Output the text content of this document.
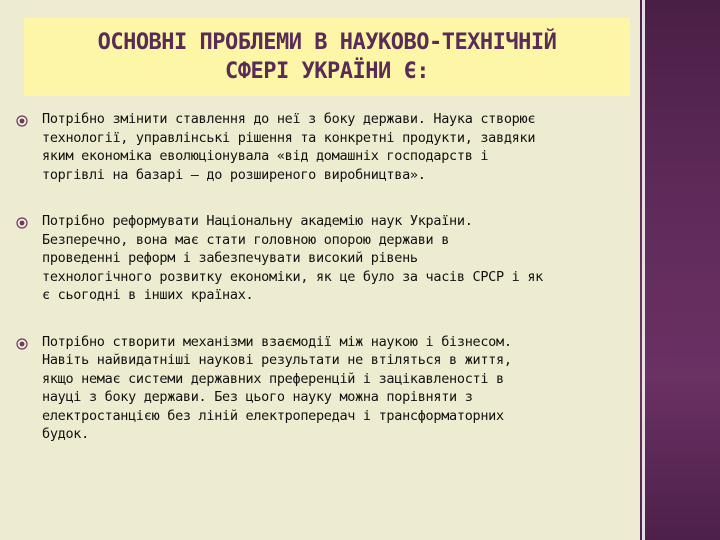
ОСНОВНІ ПРОБЛЕМИ В НАУКОВО-ТЕХНІЧНІЙ
СФЕРІ УКРАЇНИ Є:
Потрібно змінити ставлення до неї з боку держави. Наука створює
технології, управлінські рішення та конкретні продукти, завдяки
яким економіка еволюціонувала «від домашніх господарств і
торгівлі на базарі — до розширеного виробництва».
Потрібно реформувати Національну академію наук України.
Безперечно, вона має стати головною опорою держави в
проведенні реформ і забезпечувати високий рівень
технологічного розвитку економіки, як це було за часів СРСР і як
є сьогодні в інших країнах.
Потрібно створити механізми взаємодії між наукою і бізнесом.
Навіть найвидатніші наукові результати не втіляться в життя,
якщо немає системи державних преференцій і зацікавленості в
науці з боку держави. Без цього науку можна порівняти з
електростанцією без ліній електропередач і трансформаторних
будок.
